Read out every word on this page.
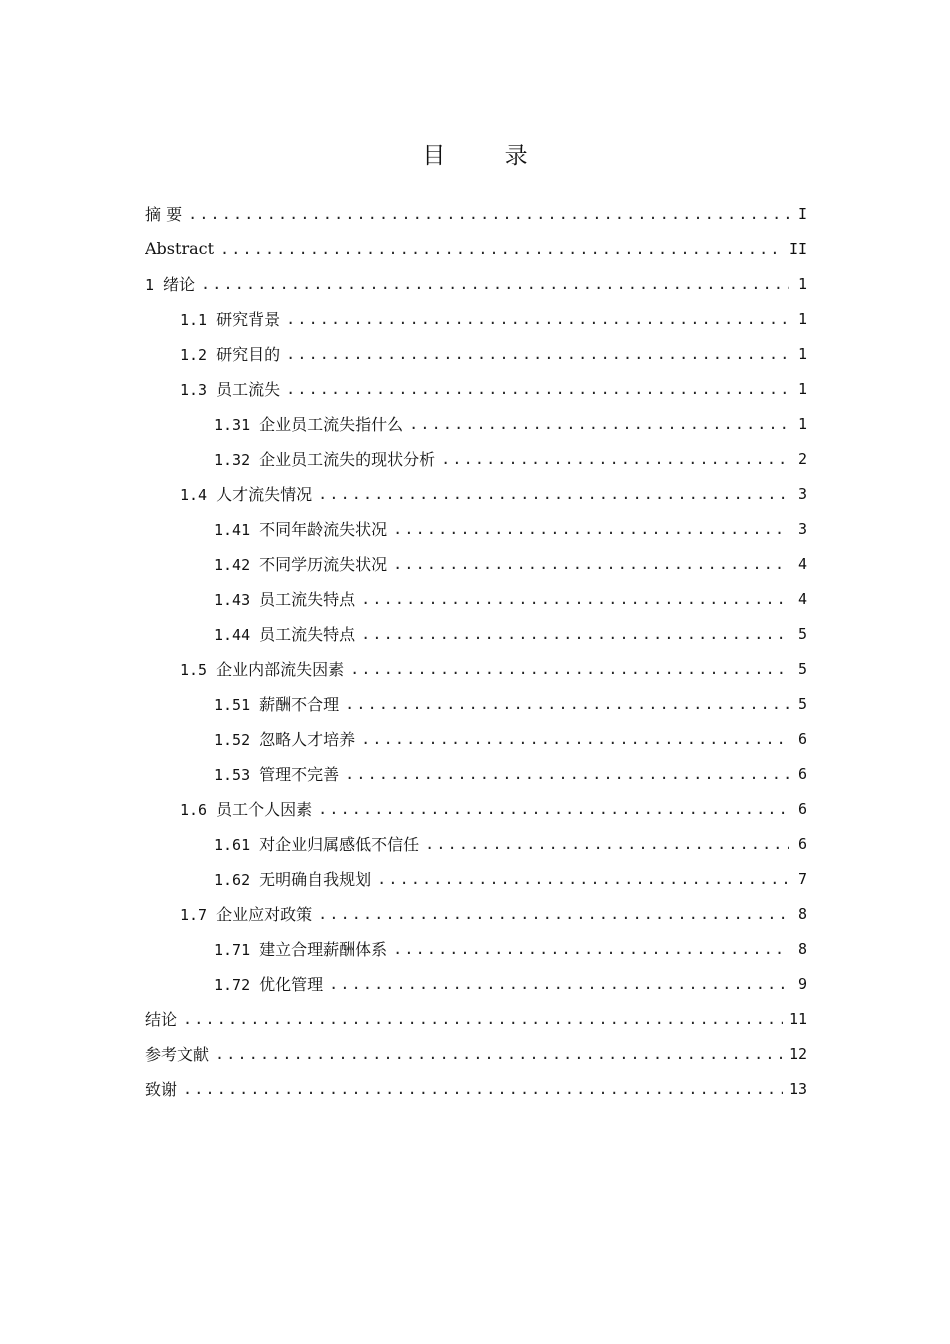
目 录
摘 要 .....	I
Abstract .....	II
1 绪论 .....	1
1.1 研究背景 .....	1
1.2 研究目的 .....	1
1.3 员工流失 .....	1
1.31 企业员工流失指什么 .....	1
1.32 企业员工流失的现状分析 .....	2
1.4 人才流失情况 .....	3
1.41 不同年龄流失状况 .....	3
1.42 不同学历流失状况 .....	4
1.43 员工流失特点 .....	4
1.44 员工流失特点 .....	5
1.5 企业内部流失因素 .....	5
1.51 薪酬不合理 .....	5
1.52 忽略人才培养 .....	6
1.53 管理不完善 .....	6
1.6 员工个人因素 .....	6
1.61 对企业归属感低不信任 .....	6
1.62 无明确自我规划 .....	7
1.7 企业应对政策 .....	8
1.71 建立合理薪酬体系 .....	8
1.72 优化管理 .....	9
结论 .....	11
参考文献 .....	12
致谢 .....	13
